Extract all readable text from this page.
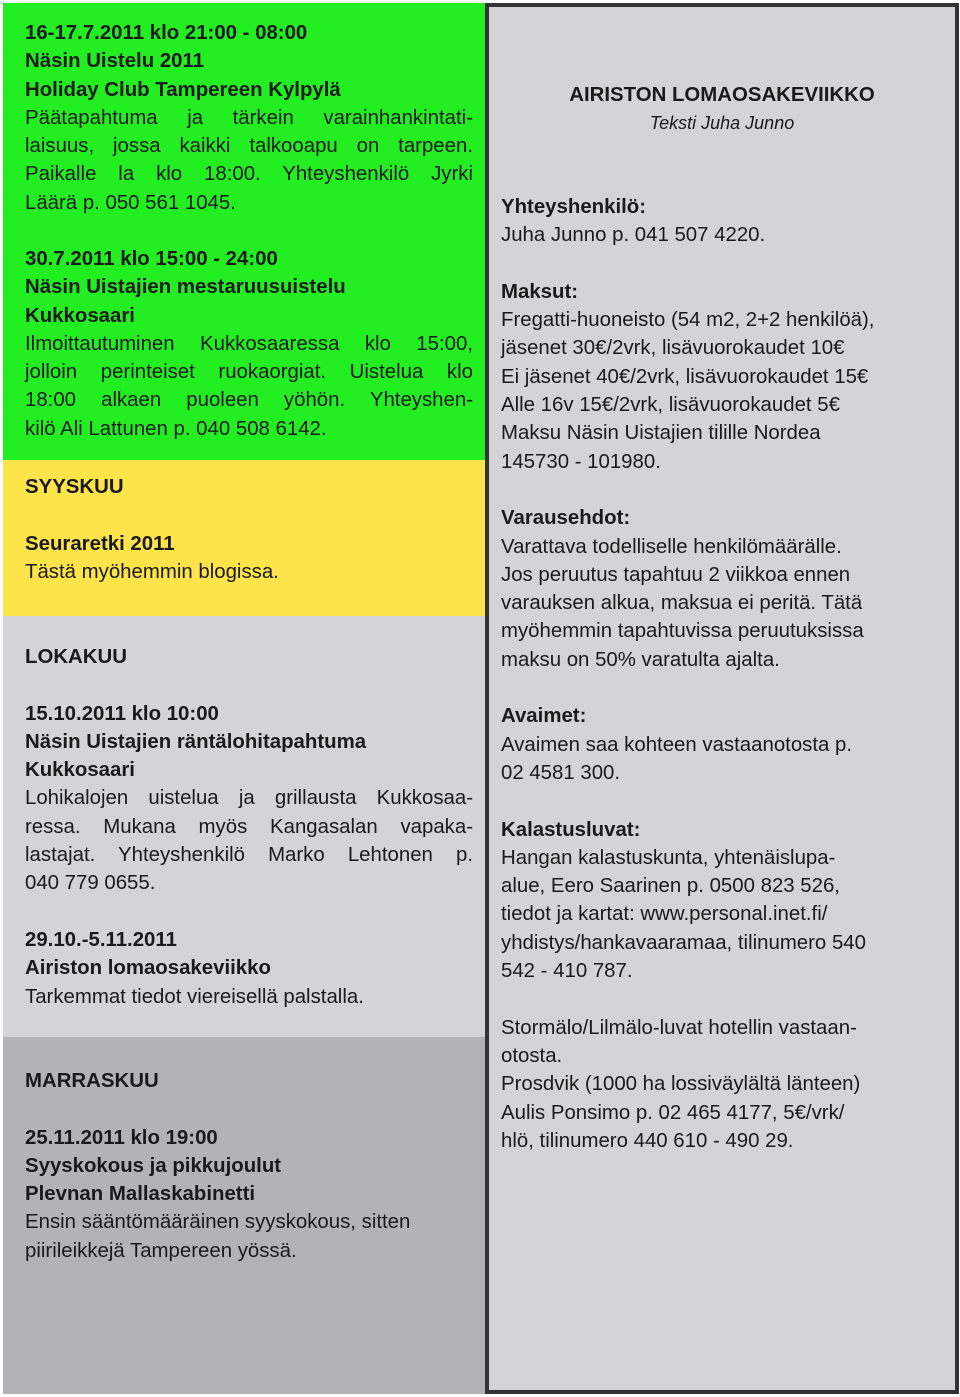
16-17.7.2011 klo 21:00 - 08:00
Näsin Uistelu 2011
Holiday Club Tampereen Kylpylä
Päätapahtuma ja tärkein varainhankintati-
laisuus, jossa kaikki talkooapu on tarpeen.
Paikalle la klo 18:00. Yhteyshenkilö Jyrki
Läärä p. 050 561 1045.
30.7.2011 klo 15:00 - 24:00
Näsin Uistajien mestaruusuistelu
Kukkosaari
Ilmoittautuminen Kukkosaaressa klo 15:00,
jolloin perinteiset ruokaorgiat. Uistelua klo
18:00 alkaen puoleen yöhön. Yhteyshen-
kilö Ali Lattunen p. 040 508 6142.
SYYSKUU
Seuraretki 2011
Tästä myöhemmin blogissa.
LOKAKUU
15.10.2011 klo 10:00
Näsin Uistajien räntälohitapahtuma
Kukkosaari
Lohikalojen uistelua ja grillausta Kukkosaa-
ressa. Mukana myös Kangasalan vapaka-
lastajat. Yhteyshenkilö Marko Lehtonen p.
040 779 0655.
29.10.-5.11.2011
Airiston lomaosakeviikko
Tarkemmat tiedot viereisellä palstalla.
MARRASKUU
25.11.2011 klo 19:00
Syyskokous ja pikkujoulut
Plevnan Mallaskabinetti
Ensin sääntömääräinen syyskokous, sitten
piirileikkejä Tampereen yössä.
AIRISTON LOMAOSAKEVIIKKO
Teksti Juha Junno
Yhteyshenkilö:
Juha Junno p. 041 507 4220.
Maksut:
Fregatti-huoneisto (54 m2, 2+2 henkilöä),
jäsenet 30€/2vrk, lisävuorokaudet 10€
Ei jäsenet 40€/2vrk, lisävuorokaudet 15€
Alle 16v 15€/2vrk, lisävuorokaudet 5€
Maksu Näsin Uistajien tilille Nordea
145730 - 101980.
Varausehdot:
Varattava todelliselle henkilömäärälle.
Jos peruutus tapahtuu 2 viikkoa ennen
varauksen alkua, maksua ei peritä. Tätä
myöhemmin tapahtuvissa peruutuksissa
maksu on 50% varatulta ajalta.
Avaimet:
Avaimen saa kohteen vastaanotosta p.
02 4581 300.
Kalastusluvat:
Hangan kalastuskunta, yhtenäislupa-
alue, Eero Saarinen p. 0500 823 526,
tiedot ja kartat: www.personal.inet.fi/
yhdistys/hankavaaramaa, tilinumero 540
542 - 410 787.
Stormälo/Lilmälo-luvat hotellin vastaan-
otosta.
Prosdvik (1000 ha lossiväylältä länteen)
Aulis Ponsimo p. 02 465 4177, 5€/vrk/
hlö, tilinumero 440 610 - 490 29.
